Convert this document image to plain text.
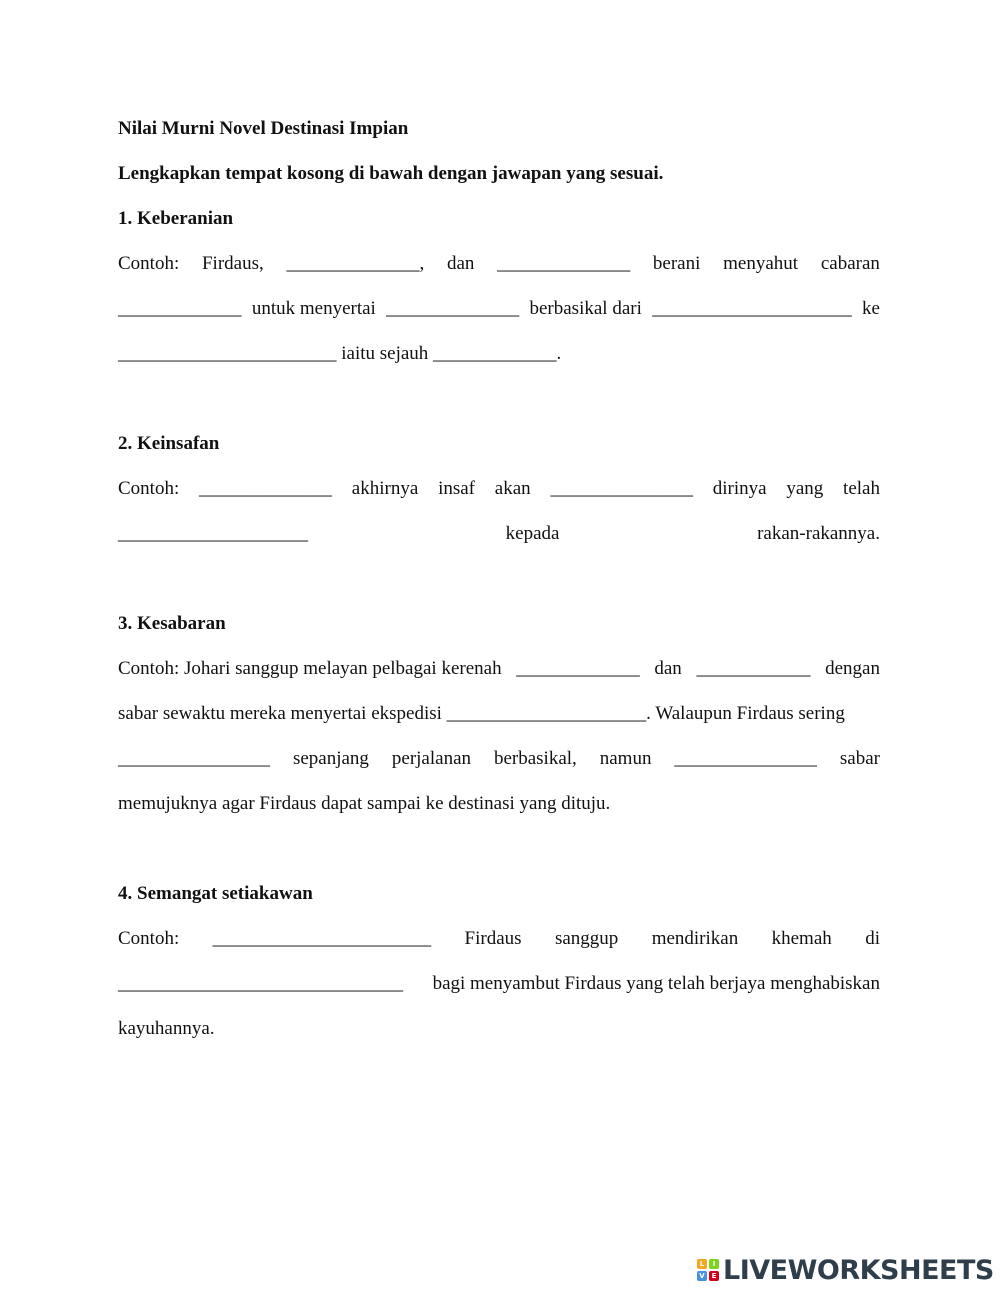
Nilai Murni Novel Destinasi Impian
Lengkapkan tempat kosong di bawah dengan jawapan yang sesuai.
1. Keberanian
Contoh: Firdaus, ______________, dan ______________ berani menyahut cabaran
_____________ untuk menyertai ______________ berbasikal dari _____________________ ke
_______________________ iaitu sejauh _____________.
2. Keinsafan
Contoh: ______________ akhirnya insaf akan _______________ dirinya yang telah
____________________	kepada	rakan-rakannya.
3. Kesabaran
Contoh: Johari sanggup melayan pelbagai kerenah _____________ dan ____________ dengan
sabar sewaktu mereka menyertai ekspedisi _____________________. Walaupun Firdaus sering
________________ sepanjang perjalanan berbasikal, namun _______________ sabar
memujuknya agar Firdaus dapat sampai ke destinasi yang dituju.
4. Semangat setiakawan
Contoh: _______________________ Firdaus sanggup mendirikan khemah di
______________________________ bagi menyambut Firdaus yang telah berjaya menghabiskan
kayuhannya.
L	I
V E LIVEWORKSHEETS
